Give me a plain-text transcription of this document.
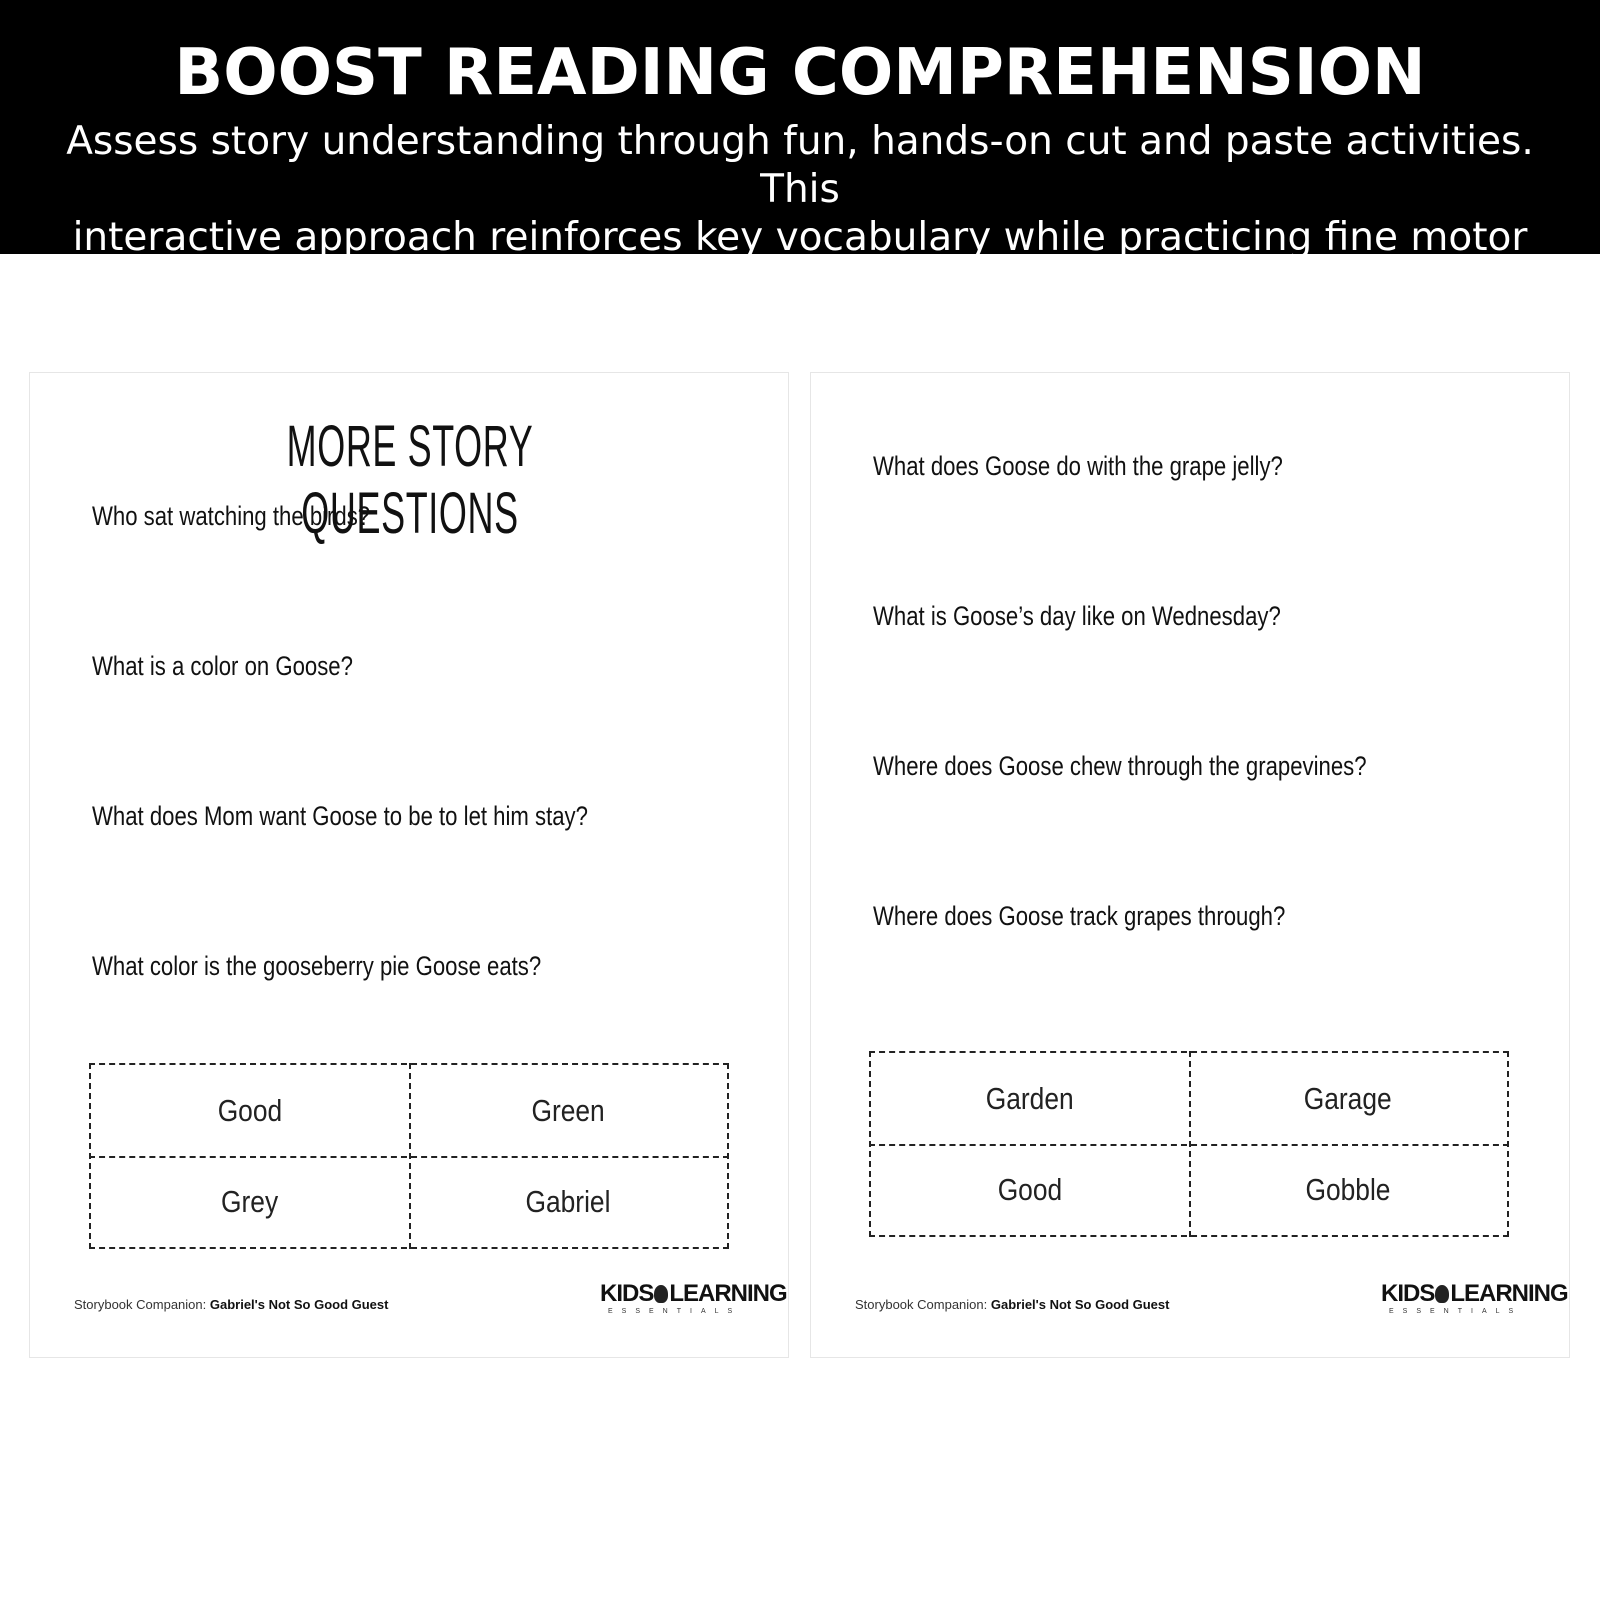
BOOST READING COMPREHENSION
Assess story understanding through fun, hands-on cut and paste activities. This
interactive approach reinforces key vocabulary while practicing fine motor skills.
MORE STORY QUESTIONS
Who sat watching the birds?
What is a color on Goose?
What does Mom want Goose to be to let him stay?
What color is the gooseberry pie Goose eats?
Good	Green
Grey	Gabriel
Storybook Companion: Gabriel's Not So Good Guest	KIDS LEARNING
ESSENTIALS
What does Goose do with the grape jelly?
What is Goose’s day like on Wednesday?
Where does Goose chew through the grapevines?
Where does Goose track grapes through?
Garden	Garage
Good	Gobble
Storybook Companion: Gabriel's Not So Good Guest	KIDS LEARNING
ESSENTIALS
